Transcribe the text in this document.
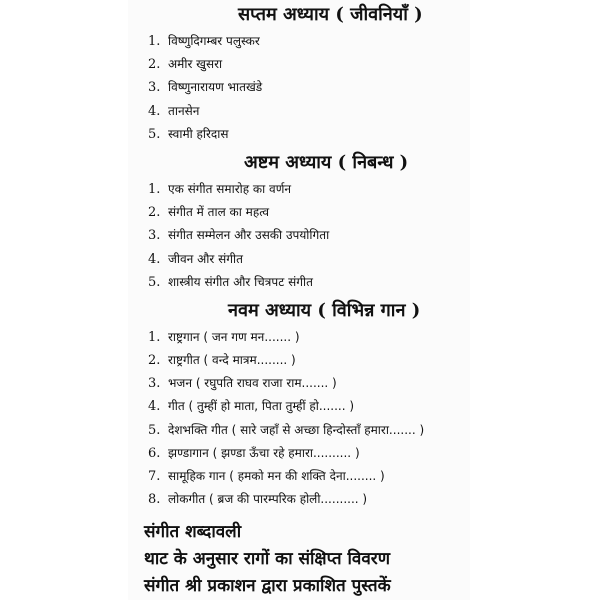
सप्तम अध्याय ( जीवनियाँ )
1. विष्णुदिगम्बर पलुस्कर
2. अमीर खुसरा
3. विष्णुनारायण भातखंडे
4. तानसेन
5. स्वामी हरिदास
अष्टम अध्याय ( निबन्ध )
1. एक संगीत समारोह का वर्णन
2. संगीत में ताल का महत्व
3. संगीत सम्मेलन और उसकी उपयोगिता
4. जीवन और संगीत
5. शास्त्रीय संगीत और चित्रपट संगीत
नवम अध्याय ( विभिन्न गान )
1. राष्ट्रगान ( जन गण मन....... )
2. राष्ट्रगीत ( वन्दे मात्रम........ )
3. भजन ( रघुपति राघव राजा राम....... )
4. गीत ( तुम्हीं हो माता, पिता तुम्हीं हो....... )
5. देशभक्ति गीत ( सारे जहाँ से अच्छा हिन्दोस्ताँ हमारा....... )
6. झण्डागान ( झण्डा ऊँचा रहे हमारा.......... )
7. सामूहिक गान ( हमको मन की शक्ति देना........ )
8. लोकगीत ( ब्रज की पारम्परिक होली.......... )
संगीत शब्दावली
थाट के अनुसार रागों का संक्षिप्त विवरण
संगीत श्री प्रकाशन द्वारा प्रकाशित पुस्तकें
